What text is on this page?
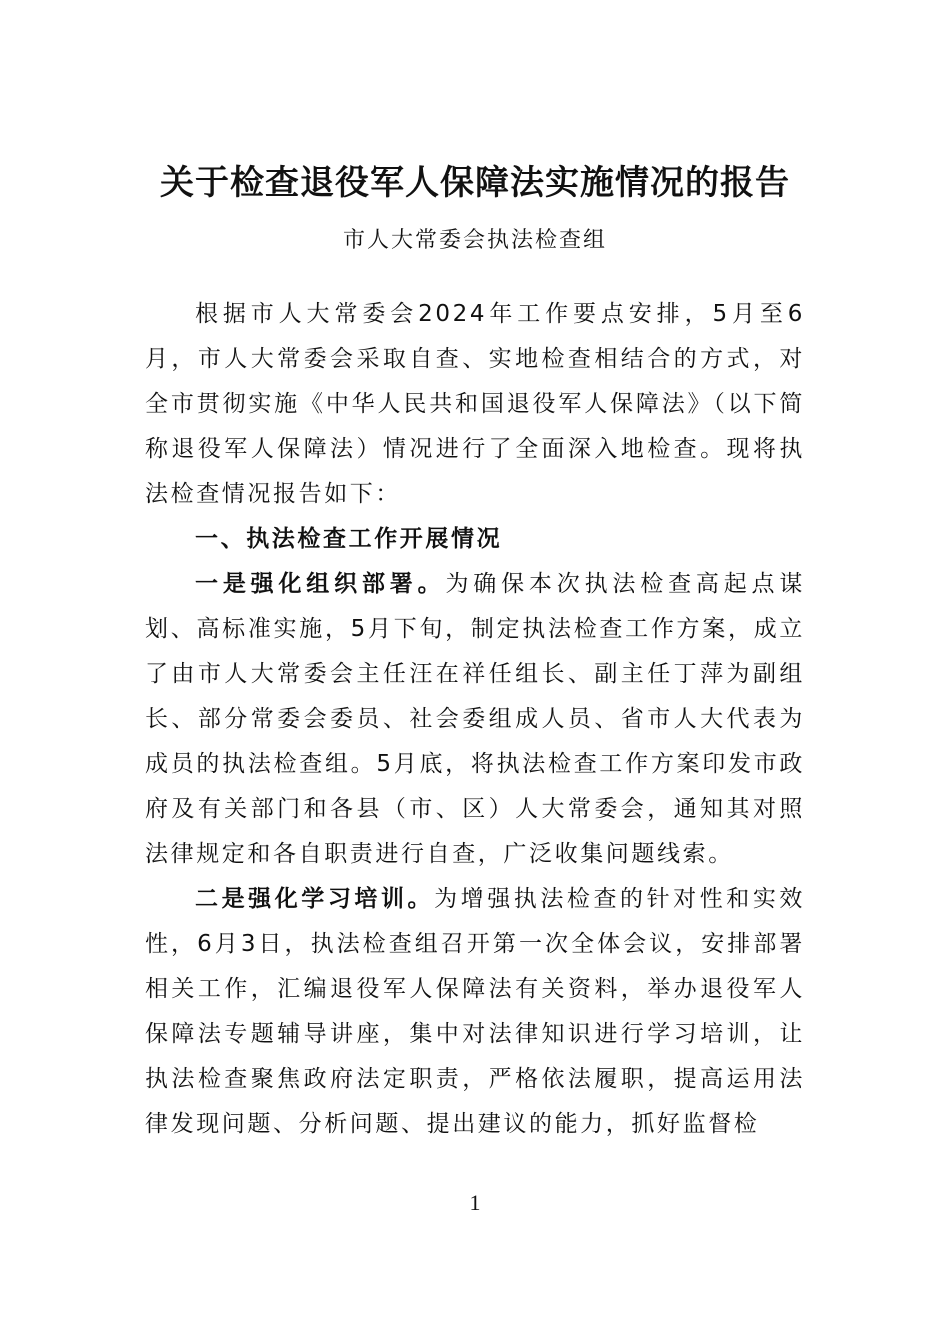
关于检查退役军人保障法实施情况的报告
市人大常委会执法检查组

根据市人大常委会2024年工作要点安排，5月至6月，市人大常委会采取自查、实地检查相结合的方式，对全市贯彻实施《中华人民共和国退役军人保障法》（以下简称退役军人保障法）情况进行了全面深入地检查。现将执法检查情况报告如下：

一、执法检查工作开展情况

一是强化组织部署。为确保本次执法检查高起点谋划、高标准实施，5月下旬，制定执法检查工作方案，成立了由市人大常委会主任汪在祥任组长、副主任丁萍为副组长、部分常委会委员、社会委组成人员、省市人大代表为成员的执法检查组。5月底，将执法检查工作方案印发市政府及有关部门和各县（市、区）人大常委会，通知其对照法律规定和各自职责进行自查，广泛收集问题线索。

二是强化学习培训。为增强执法检查的针对性和实效性，6月3日，执法检查组召开第一次全体会议，安排部署相关工作，汇编退役军人保障法有关资料，举办退役军人保障法专题辅导讲座，集中对法律知识进行学习培训，让执法检查聚焦政府法定职责，严格依法履职，提高运用法律发现问题、分析问题、提出建议的能力，抓好监督检

1
